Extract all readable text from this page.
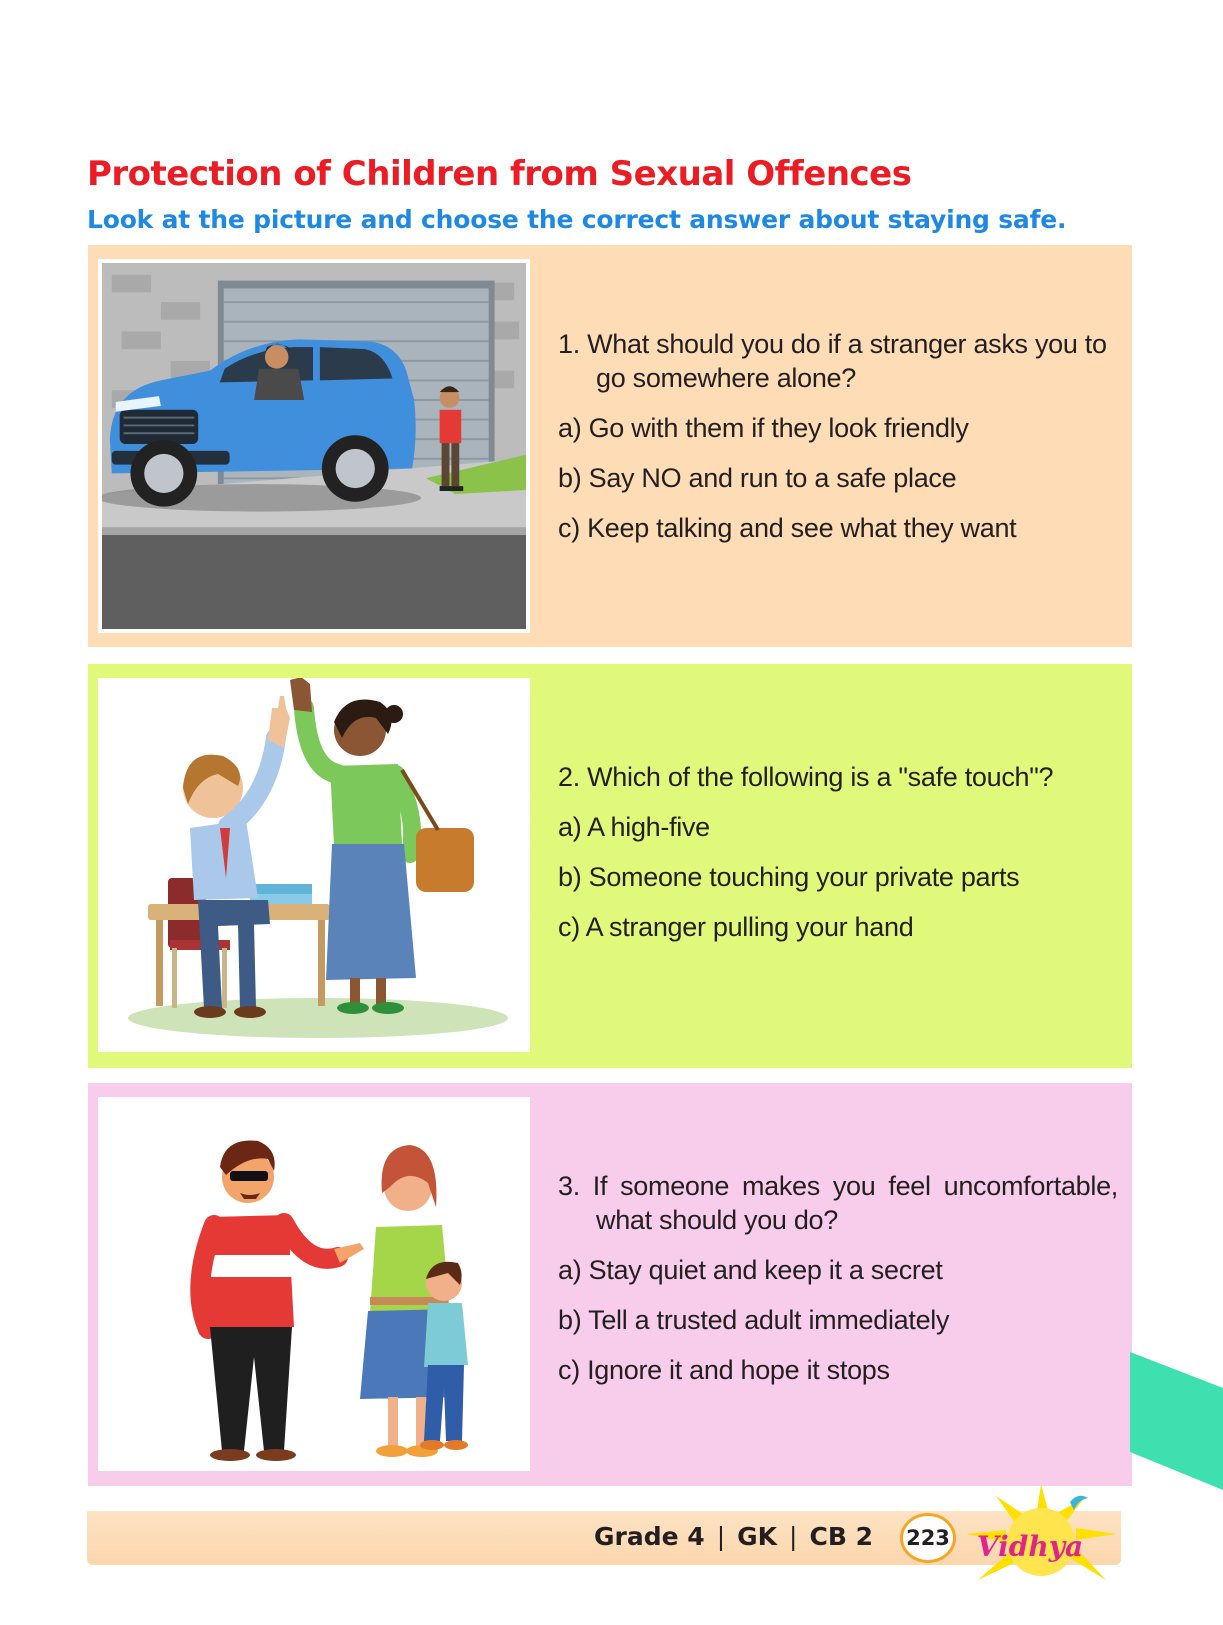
Protection of Children from Sexual Offences
Look at the picture and choose the correct answer about staying safe.
1. What should you do if a stranger asks you to go somewhere alone?
a) Go with them if they look friendly
b) Say NO and run to a safe place
c) Keep talking and see what they want
2. Which of the following is a "safe touch"?
a) A high-five
b) Someone touching your private parts
c) A stranger pulling your hand
3. If someone makes you feel uncomfortable, what should you do?
a) Stay quiet and keep it a secret
b) Tell a trusted adult immediately
c) Ignore it and hope it stops
Grade 4 | GK | CB 2 223 Vidhya
